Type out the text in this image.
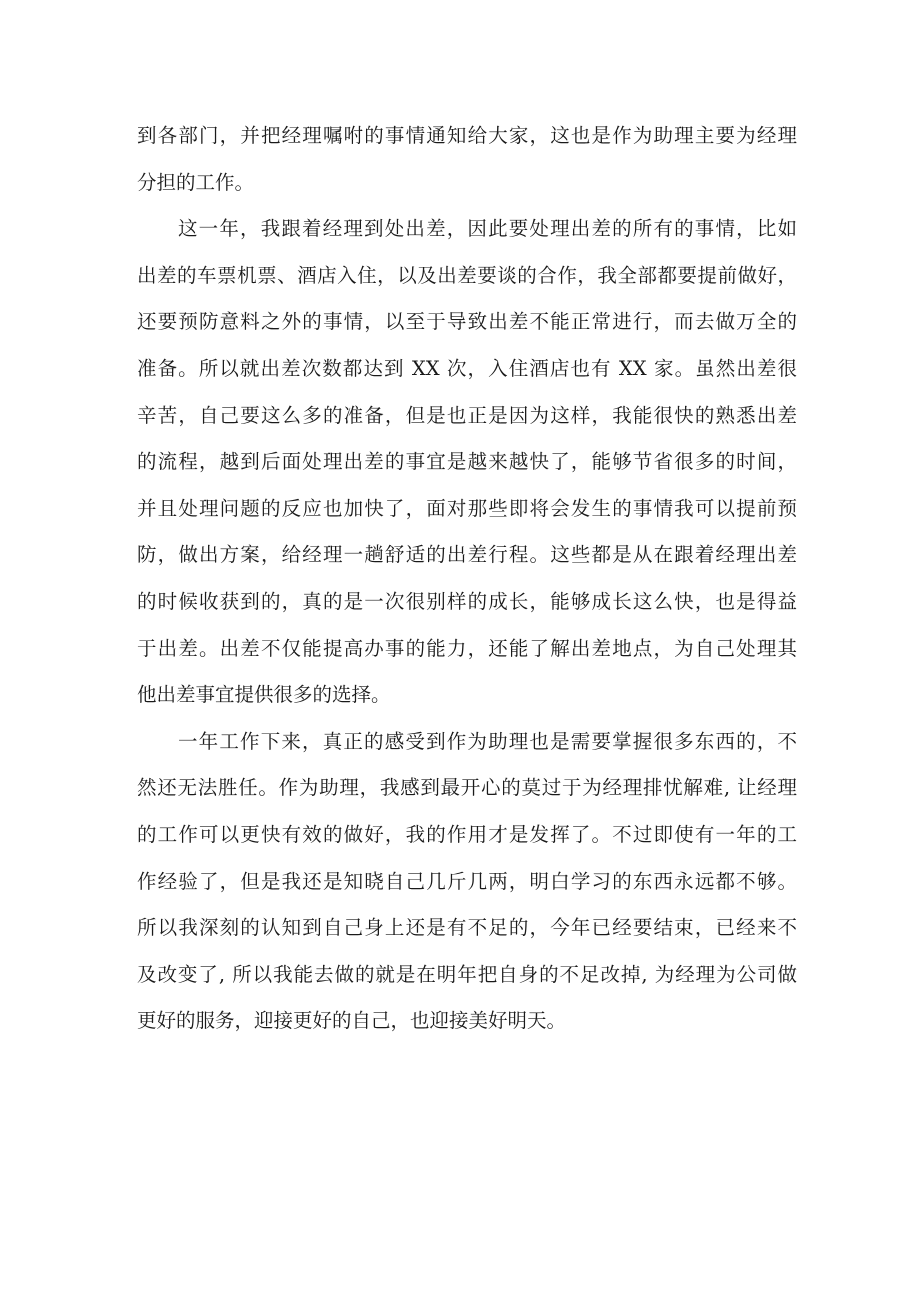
到各部门，并把经理嘱咐的事情通知给大家，这也是作为助理主要为经理
分担的工作。
这一年，我跟着经理到处出差，因此要处理出差的所有的事情，比如
出差的车票机票、酒店入住，以及出差要谈的合作，我全部都要提前做好，
还要预防意料之外的事情，以至于导致出差不能正常进行，而去做万全的
准备。所以就出差次数都达到 XX 次，入住酒店也有 XX 家。虽然出差很
辛苦，自己要这么多的准备，但是也正是因为这样，我能很快的熟悉出差
的流程，越到后面处理出差的事宜是越来越快了，能够节省很多的时间，
并且处理问题的反应也加快了，面对那些即将会发生的事情我可以提前预
防，做出方案，给经理一趟舒适的出差行程。这些都是从在跟着经理出差
的时候收获到的，真的是一次很别样的成长，能够成长这么快，也是得益
于出差。出差不仅能提高办事的能力，还能了解出差地点，为自己处理其
他出差事宜提供很多的选择。
一年工作下来，真正的感受到作为助理也是需要掌握很多东西的，不
然还无法胜任。作为助理，我感到最开心的莫过于为经理排忧解难, 让经理
的工作可以更快有效的做好，我的作用才是发挥了。不过即使有一年的工
作经验了，但是我还是知晓自己几斤几两，明白学习的东西永远都不够。
所以我深刻的认知到自己身上还是有不足的，今年已经要结束，已经来不
及改变了, 所以我能去做的就是在明年把自身的不足改掉, 为经理为公司做
更好的服务，迎接更好的自己，也迎接美好明天。
